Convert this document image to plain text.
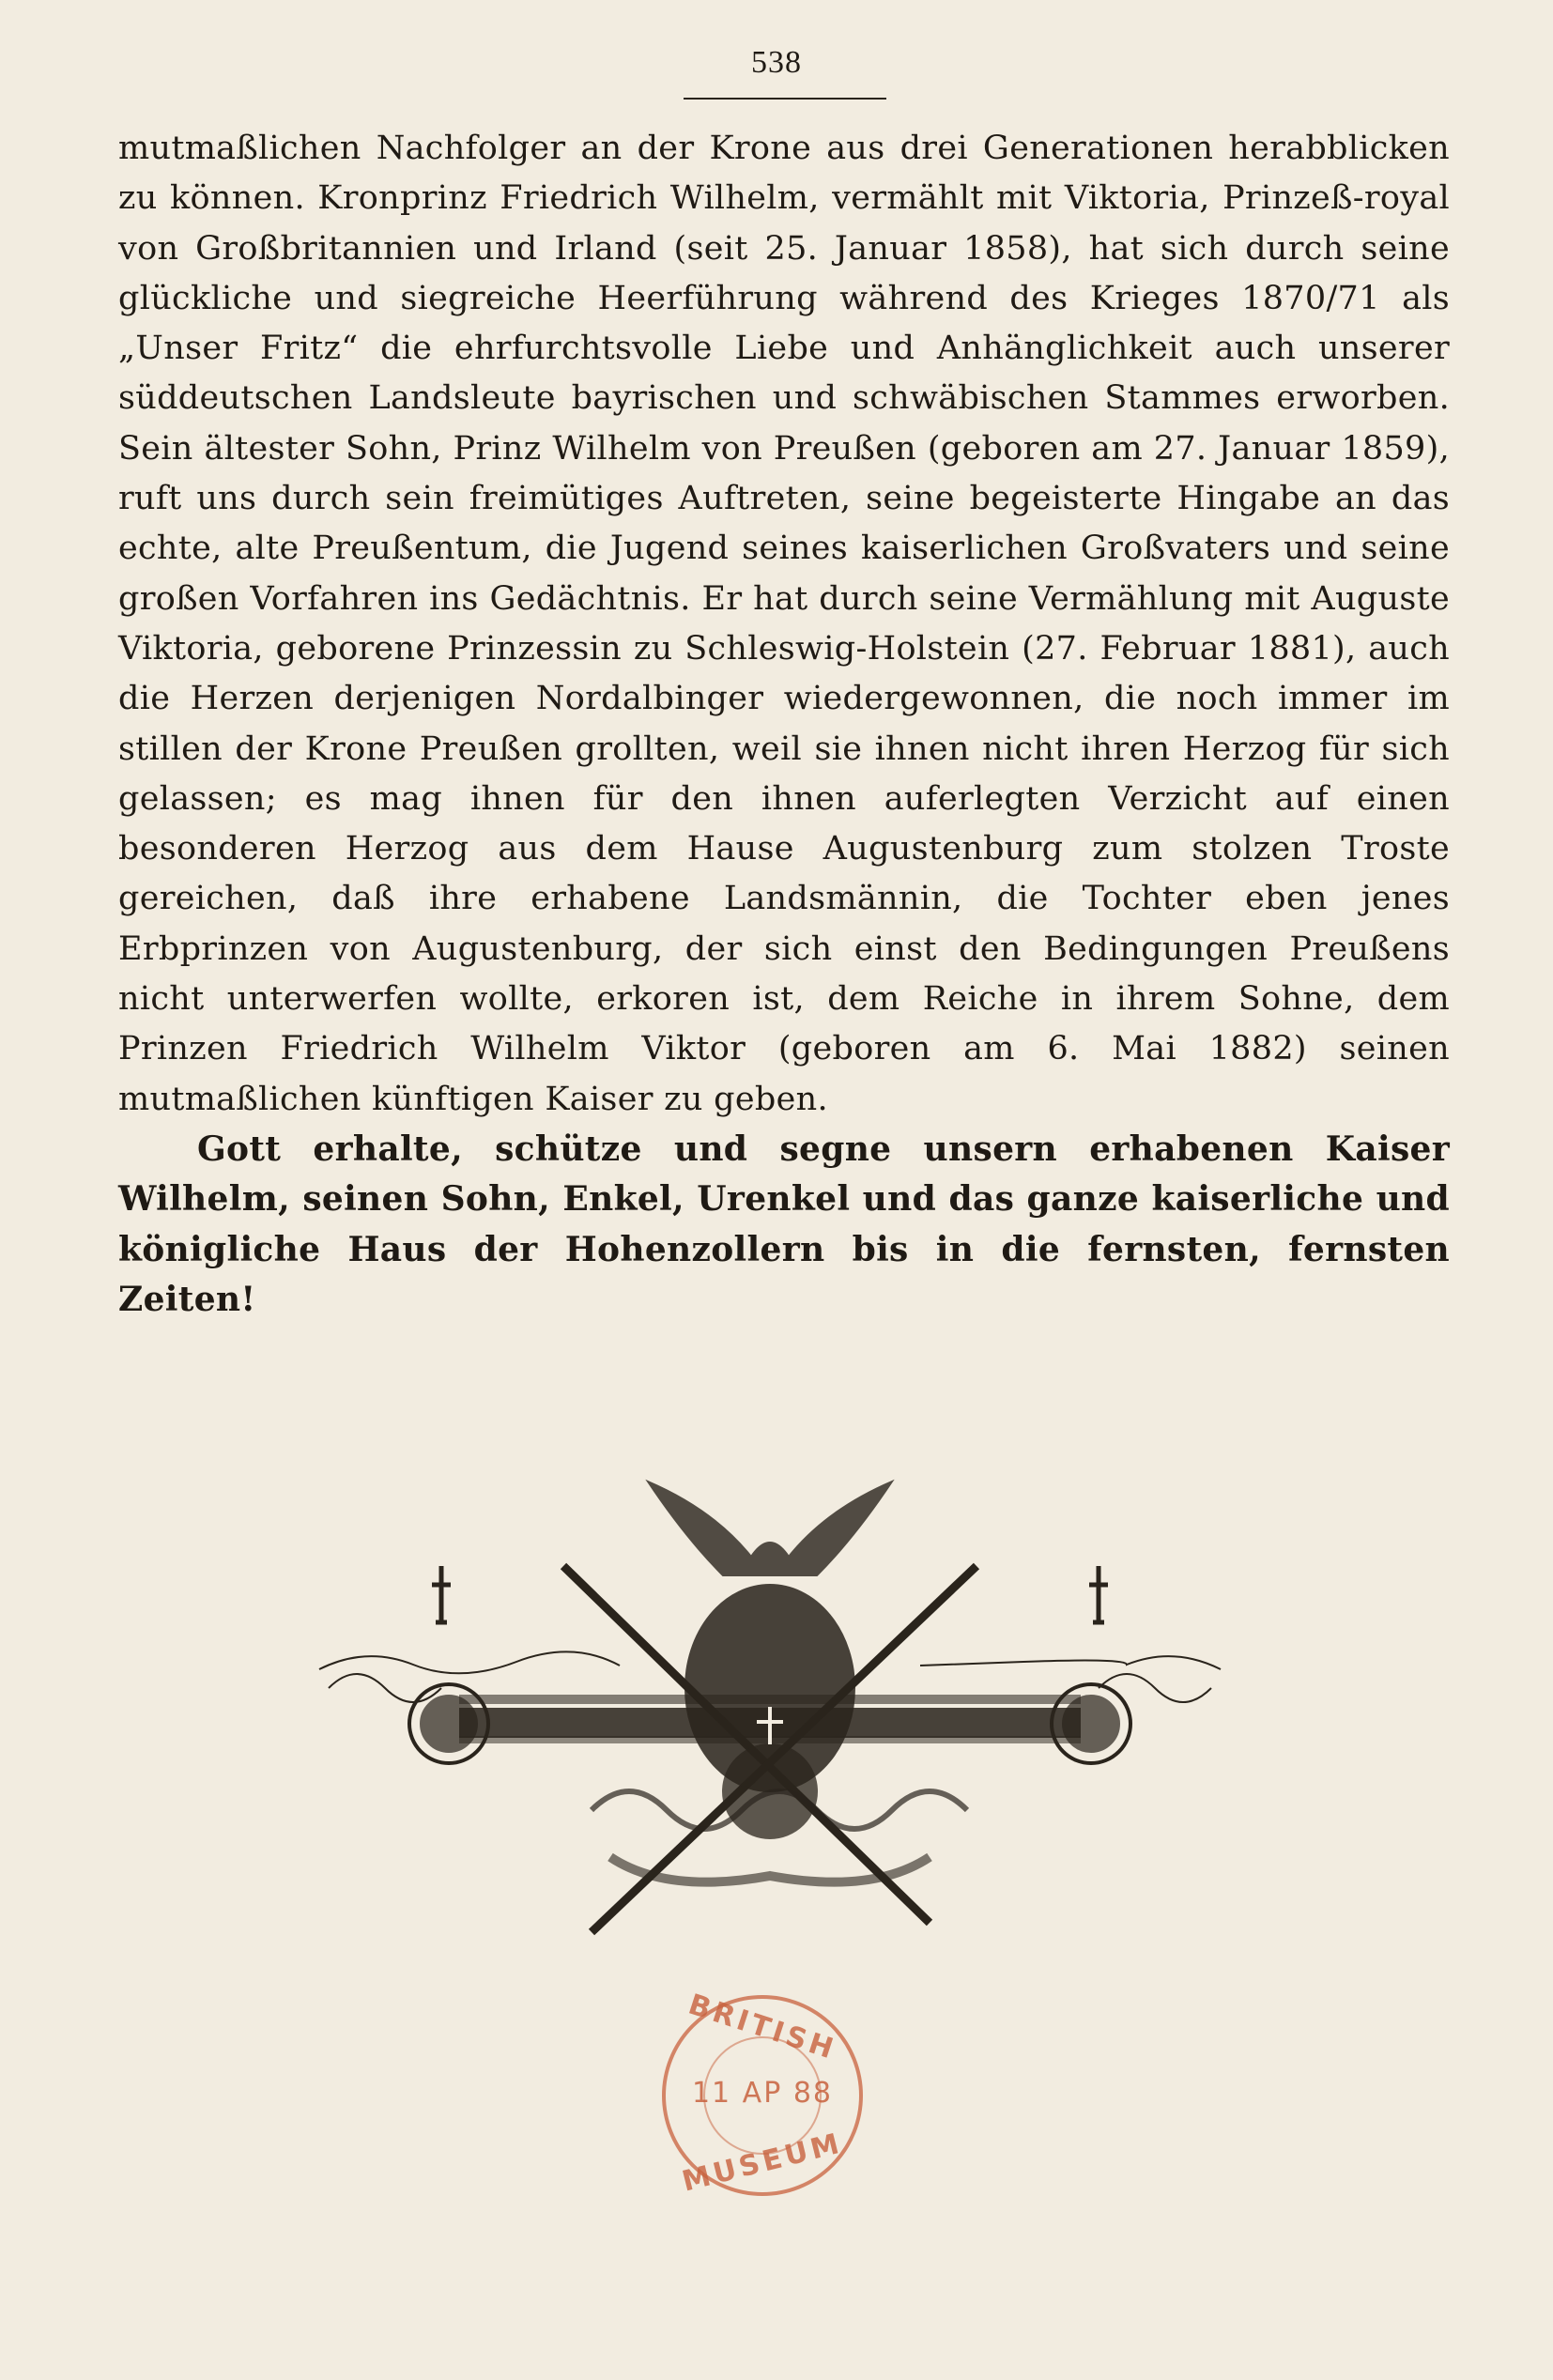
538

mutmaßlichen Nachfolger an der Krone aus drei Generationen herabblicken zu können. Kronprinz Friedrich Wilhelm, vermählt mit Viktoria, Prinzeß-royal von Großbritannien und Irland (seit 25. Januar 1858), hat sich durch seine glückliche und siegreiche Heerführung während des Krieges 1870/71 als „Unser Fritz“ die ehrfurchtsvolle Liebe und Anhänglichkeit auch unserer süddeutschen Landsleute bayrischen und schwäbischen Stammes erworben. Sein ältester Sohn, Prinz Wilhelm von Preußen (geboren am 27. Januar 1859), ruft uns durch sein freimütiges Auftreten, seine begeisterte Hingabe an das echte, alte Preußentum, die Jugend seines kaiserlichen Großvaters und seine großen Vorfahren ins Gedächtnis. Er hat durch seine Vermählung mit Auguste Viktoria, geborene Prinzessin zu Schleswig-Holstein (27. Februar 1881), auch die Herzen derjenigen Nordalbinger wiedergewonnen, die noch immer im stillen der Krone Preußen grollten, weil sie ihnen nicht ihren Herzog für sich gelassen; es mag ihnen für den ihnen auferlegten Verzicht auf einen besonderen Herzog aus dem Hause Augustenburg zum stolzen Troste gereichen, daß ihre erhabene Landsmännin, die Tochter eben jenes Erbprinzen von Augustenburg, der sich einst den Bedingungen Preußens nicht unterwerfen wollte, erkoren ist, dem Reiche in ihrem Sohne, dem Prinzen Friedrich Wilhelm Viktor (geboren am 6. Mai 1882) seinen mutmaßlichen künftigen Kaiser zu geben.

Gott erhalte, schütze und segne unsern erhabenen Kaiser Wilhelm, seinen Sohn, Enkel, Urenkel und das ganze kaiserliche und königliche Haus der Hohenzollern bis in die fernsten, fernsten Zeiten!

BRITISH
11 AP 88
MUSEUM
